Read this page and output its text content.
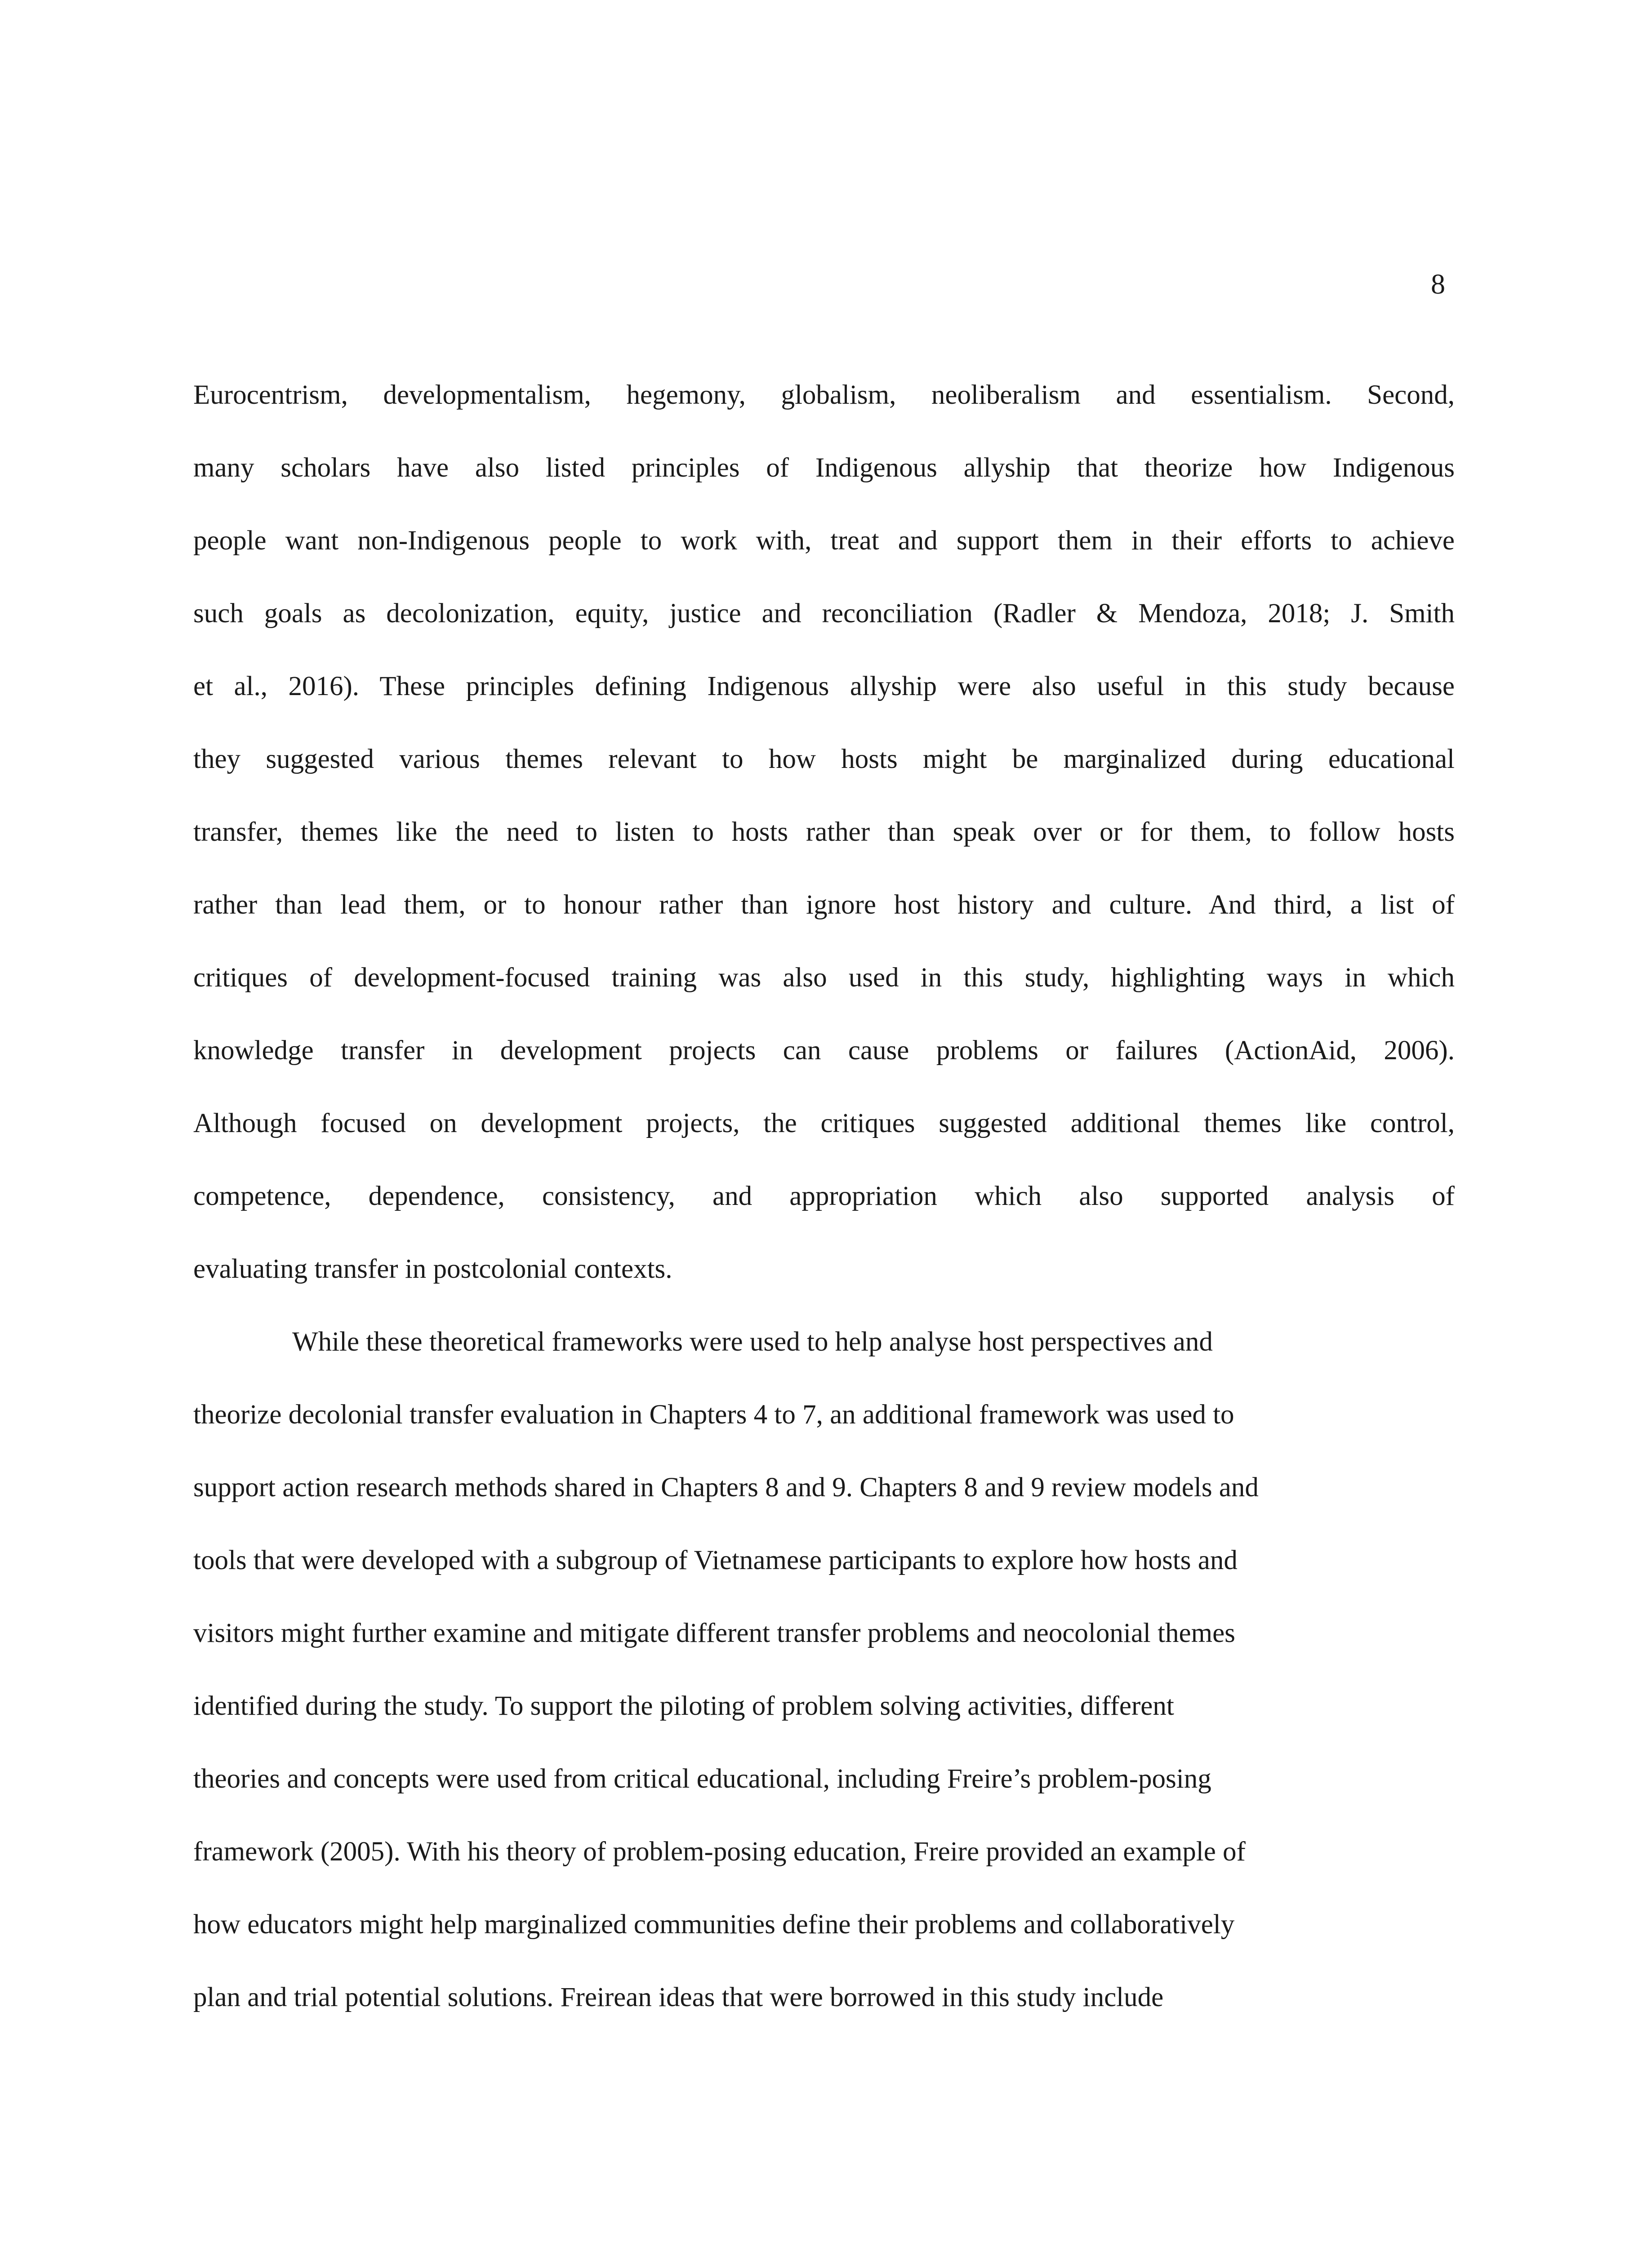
8
Eurocentrism, developmentalism, hegemony, globalism, neoliberalism and essentialism. Second,
many scholars have also listed principles of Indigenous allyship that theorize how Indigenous
people want non-Indigenous people to work with, treat and support them in their efforts to achieve
such goals as decolonization, equity, justice and reconciliation (Radler & Mendoza, 2018; J. Smith
et al., 2016). These principles defining Indigenous allyship were also useful in this study because
they suggested various themes relevant to how hosts might be marginalized during educational
transfer, themes like the need to listen to hosts rather than speak over or for them, to follow hosts
rather than lead them, or to honour rather than ignore host history and culture. And third, a list of
critiques of development-focused training was also used in this study, highlighting ways in which
knowledge transfer in development projects can cause problems or failures (ActionAid, 2006).
Although focused on development projects, the critiques suggested additional themes like control,
competence, dependence, consistency, and appropriation which also supported analysis of
evaluating transfer in postcolonial contexts.
While these theoretical frameworks were used to help analyse host perspectives and
theorize decolonial transfer evaluation in Chapters 4 to 7, an additional framework was used to
support action research methods shared in Chapters 8 and 9. Chapters 8 and 9 review models and
tools that were developed with a subgroup of Vietnamese participants to explore how hosts and
visitors might further examine and mitigate different transfer problems and neocolonial themes
identified during the study. To support the piloting of problem solving activities, different
theories and concepts were used from critical educational, including Freire’s problem-posing
framework (2005). With his theory of problem-posing education, Freire provided an example of
how educators might help marginalized communities define their problems and collaboratively
plan and trial potential solutions. Freirean ideas that were borrowed in this study include
